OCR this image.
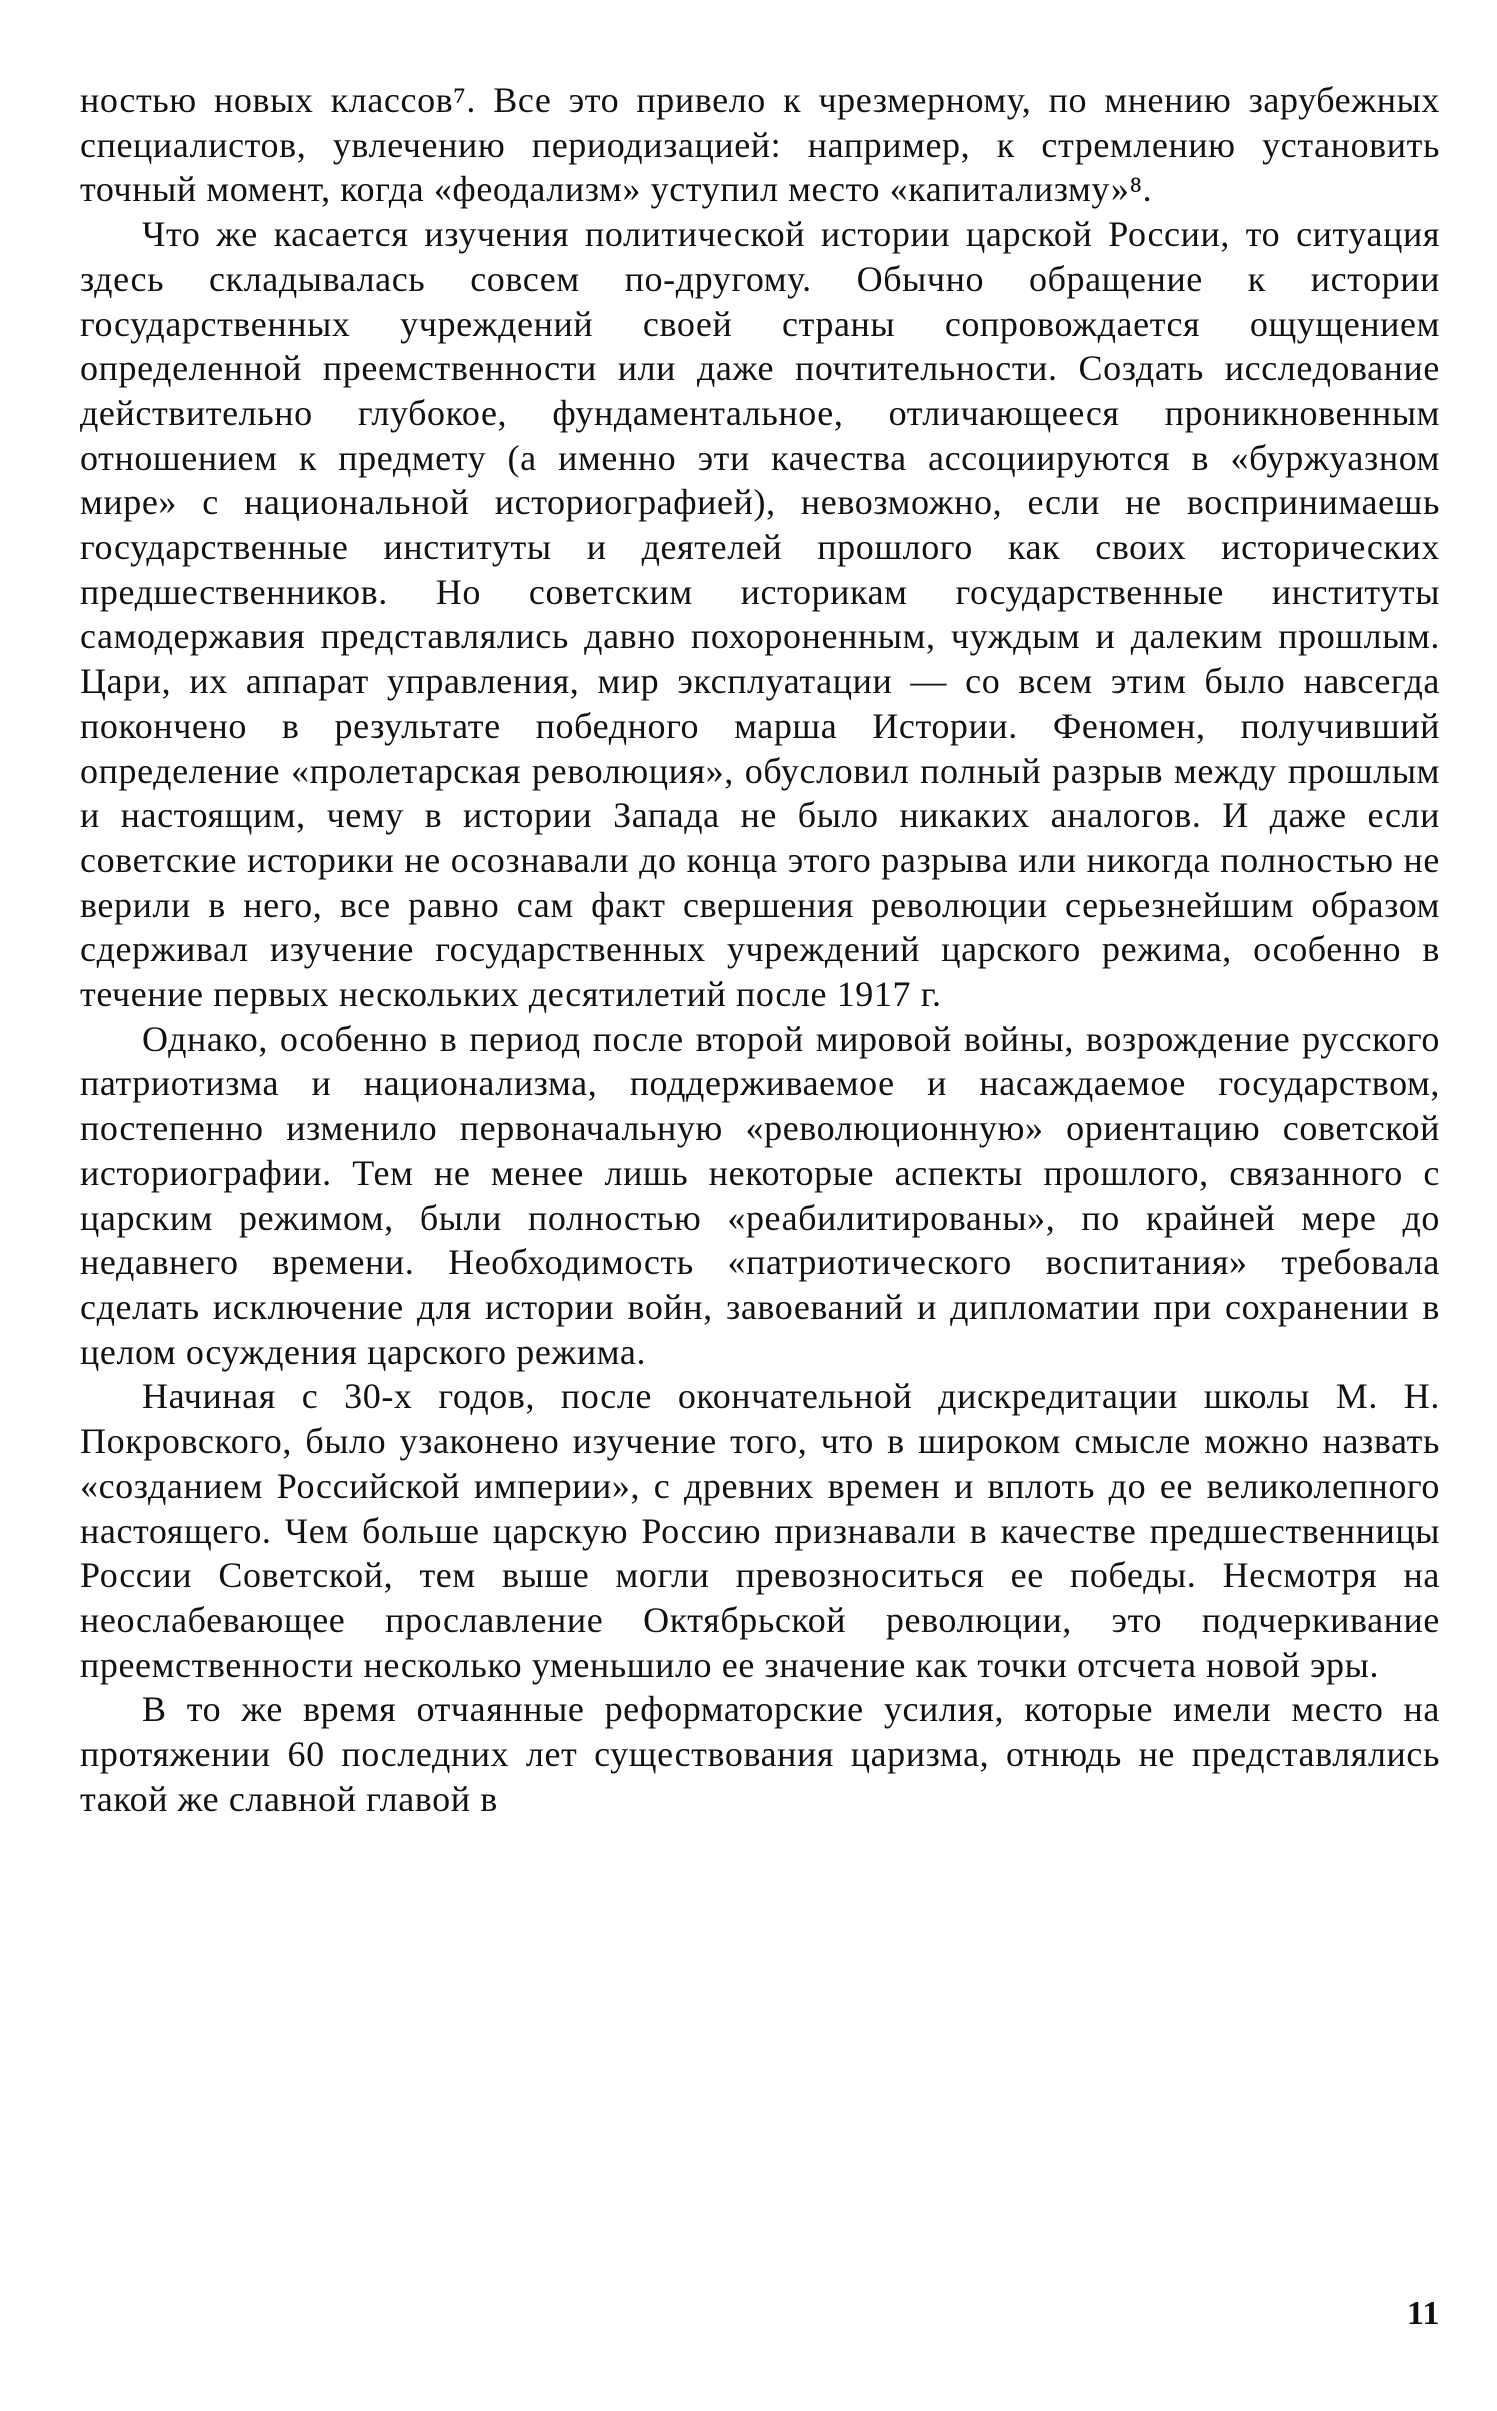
ностью новых классов⁷. Все это привело к чрезмерному, по мнению зарубежных специалистов, увлечению периодизацией: например, к стремлению установить точный момент, когда «феодализм» уступил место «капитализму»⁸.

Что же касается изучения политической истории царской России, то ситуация здесь складывалась совсем по-другому. Обычно обращение к истории государственных учреждений своей страны сопровождается ощущением определенной преемственности или даже почтительности. Создать исследование действительно глубокое, фундаментальное, отличающееся проникновенным отношением к предмету (а именно эти качества ассоциируются в «буржуазном мире» с национальной историографией), невозможно, если не воспринимаешь государственные институты и деятелей прошлого как своих исторических предшественников. Но советским историкам государственные институты самодержавия представлялись давно похороненным, чуждым и далеким прошлым. Цари, их аппарат управления, мир эксплуатации — со всем этим было навсегда покончено в результате победного марша Истории. Феномен, получивший определение «пролетарская революция», обусловил полный разрыв между прошлым и настоящим, чему в истории Запада не было никаких аналогов. И даже если советские историки не осознавали до конца этого разрыва или никогда полностью не верили в него, все равно сам факт свершения революции серьезнейшим образом сдерживал изучение государственных учреждений царского режима, особенно в течение первых нескольких десятилетий после 1917 г.

Однако, особенно в период после второй мировой войны, возрождение русского патриотизма и национализма, поддерживаемое и насаждаемое государством, постепенно изменило первоначальную «революционную» ориентацию советской историографии. Тем не менее лишь некоторые аспекты прошлого, связанного с царским режимом, были полностью «реабилитированы», по крайней мере до недавнего времени. Необходимость «патриотического воспитания» требовала сделать исключение для истории войн, завоеваний и дипломатии при сохранении в целом осуждения царского режима.

Начиная с 30-х годов, после окончательной дискредитации школы М. Н. Покровского, было узаконено изучение того, что в широком смысле можно назвать «созданием Российской империи», с древних времен и вплоть до ее великолепного настоящего. Чем больше царскую Россию признавали в качестве предшественницы России Советской, тем выше могли превозноситься ее победы. Несмотря на неослабевающее прославление Октябрьской революции, это подчеркивание преемственности несколько уменьшило ее значение как точки отсчета новой эры.

В то же время отчаянные реформаторские усилия, которые имели место на протяжении 60 последних лет существования царизма, отнюдь не представлялись такой же славной главой в

11
